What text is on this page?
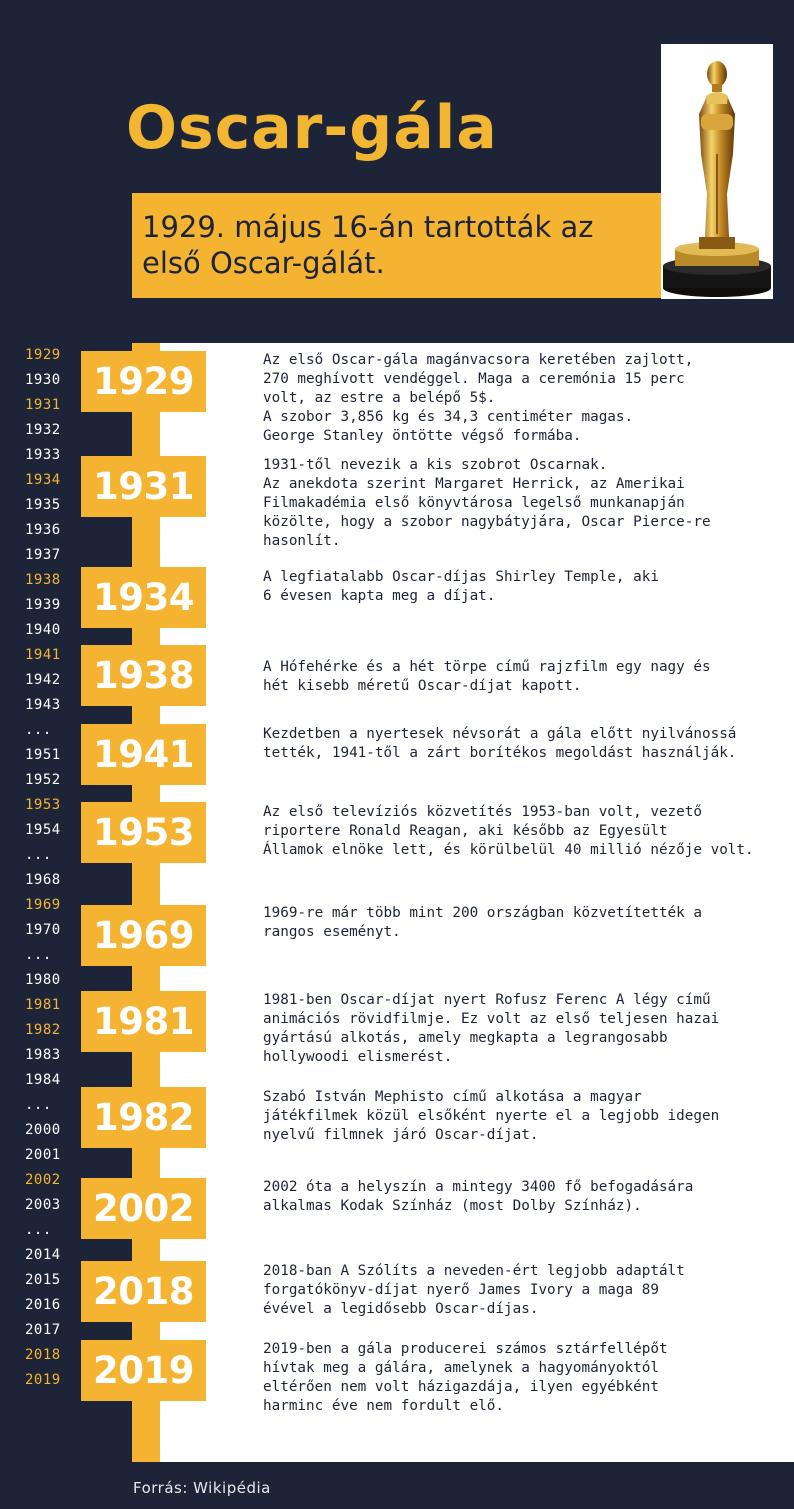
Oscar-gála
1929. május 16-án tartották az első Oscar-gálát.
1929
1930
1931
1932
1933
1934
1935
1936
1937
1938
1939
1940
1941
1942
1943
...
1951
1952
1953
1954
...
1968
1969
1970
...
1980
1981
1982
1983
1984
...
2000
2001
2002
2003
...
2014
2015
2016
2017
2018
2019
1929
1931
1934
1938
1941
1953
1969
1981
1982
2002
2018
2019
Az első Oscar-gála magánvacsora keretében zajlott,
270 meghívott vendéggel. Maga a ceremónia 15 perc
volt, az estre a belépő 5$.
A szobor 3,856 kg és 34,3 centiméter magas.
George Stanley öntötte végső formába.
1931-től nevezik a kis szobrot Oscarnak.
Az anekdota szerint Margaret Herrick, az Amerikai
Filmakadémia első könyvtárosa legelső munkanapján
közölte, hogy a szobor nagybátyjára, Oscar Pierce-re
hasonlít.
A legfiatalabb Oscar-díjas Shirley Temple, aki
6 évesen kapta meg a díjat.
A Hófehérke és a hét törpe című rajzfilm egy nagy és
hét kisebb méretű Oscar-díjat kapott.
Kezdetben a nyertesek névsorát a gála előtt nyilvánossá
tették, 1941-től a zárt borítékos megoldást használják.
Az első televíziós közvetítés 1953-ban volt, vezető
riportere Ronald Reagan, aki később az Egyesült
Államok elnöke lett, és körülbelül 40 millió nézője volt.
1969-re már több mint 200 országban közvetítették a
rangos eseményt.
1981-ben Oscar-díjat nyert Rofusz Ferenc A légy című
animációs rövidfilmje. Ez volt az első teljesen hazai
gyártású alkotás, amely megkapta a legrangosabb
hollywoodi elismerést.
Szabó István Mephisto című alkotása a magyar
játékfilmek közül elsőként nyerte el a legjobb idegen
nyelvű filmnek járó Oscar-díjat.
2002 óta a helyszín a mintegy 3400 fő befogadására
alkalmas Kodak Színház (most Dolby Színház).
2018-ban A Szólíts a neveden-ért legjobb adaptált
forgatókönyv-díjat nyerő James Ivory a maga 89
évével a legidősebb Oscar-díjas.
2019-ben a gála producerei számos sztárfellépőt
hívtak meg a gálára, amelynek a hagyományoktól
eltérően nem volt házigazdája, ilyen egyébként
harminc éve nem fordult elő.
Forrás: Wikipédia
